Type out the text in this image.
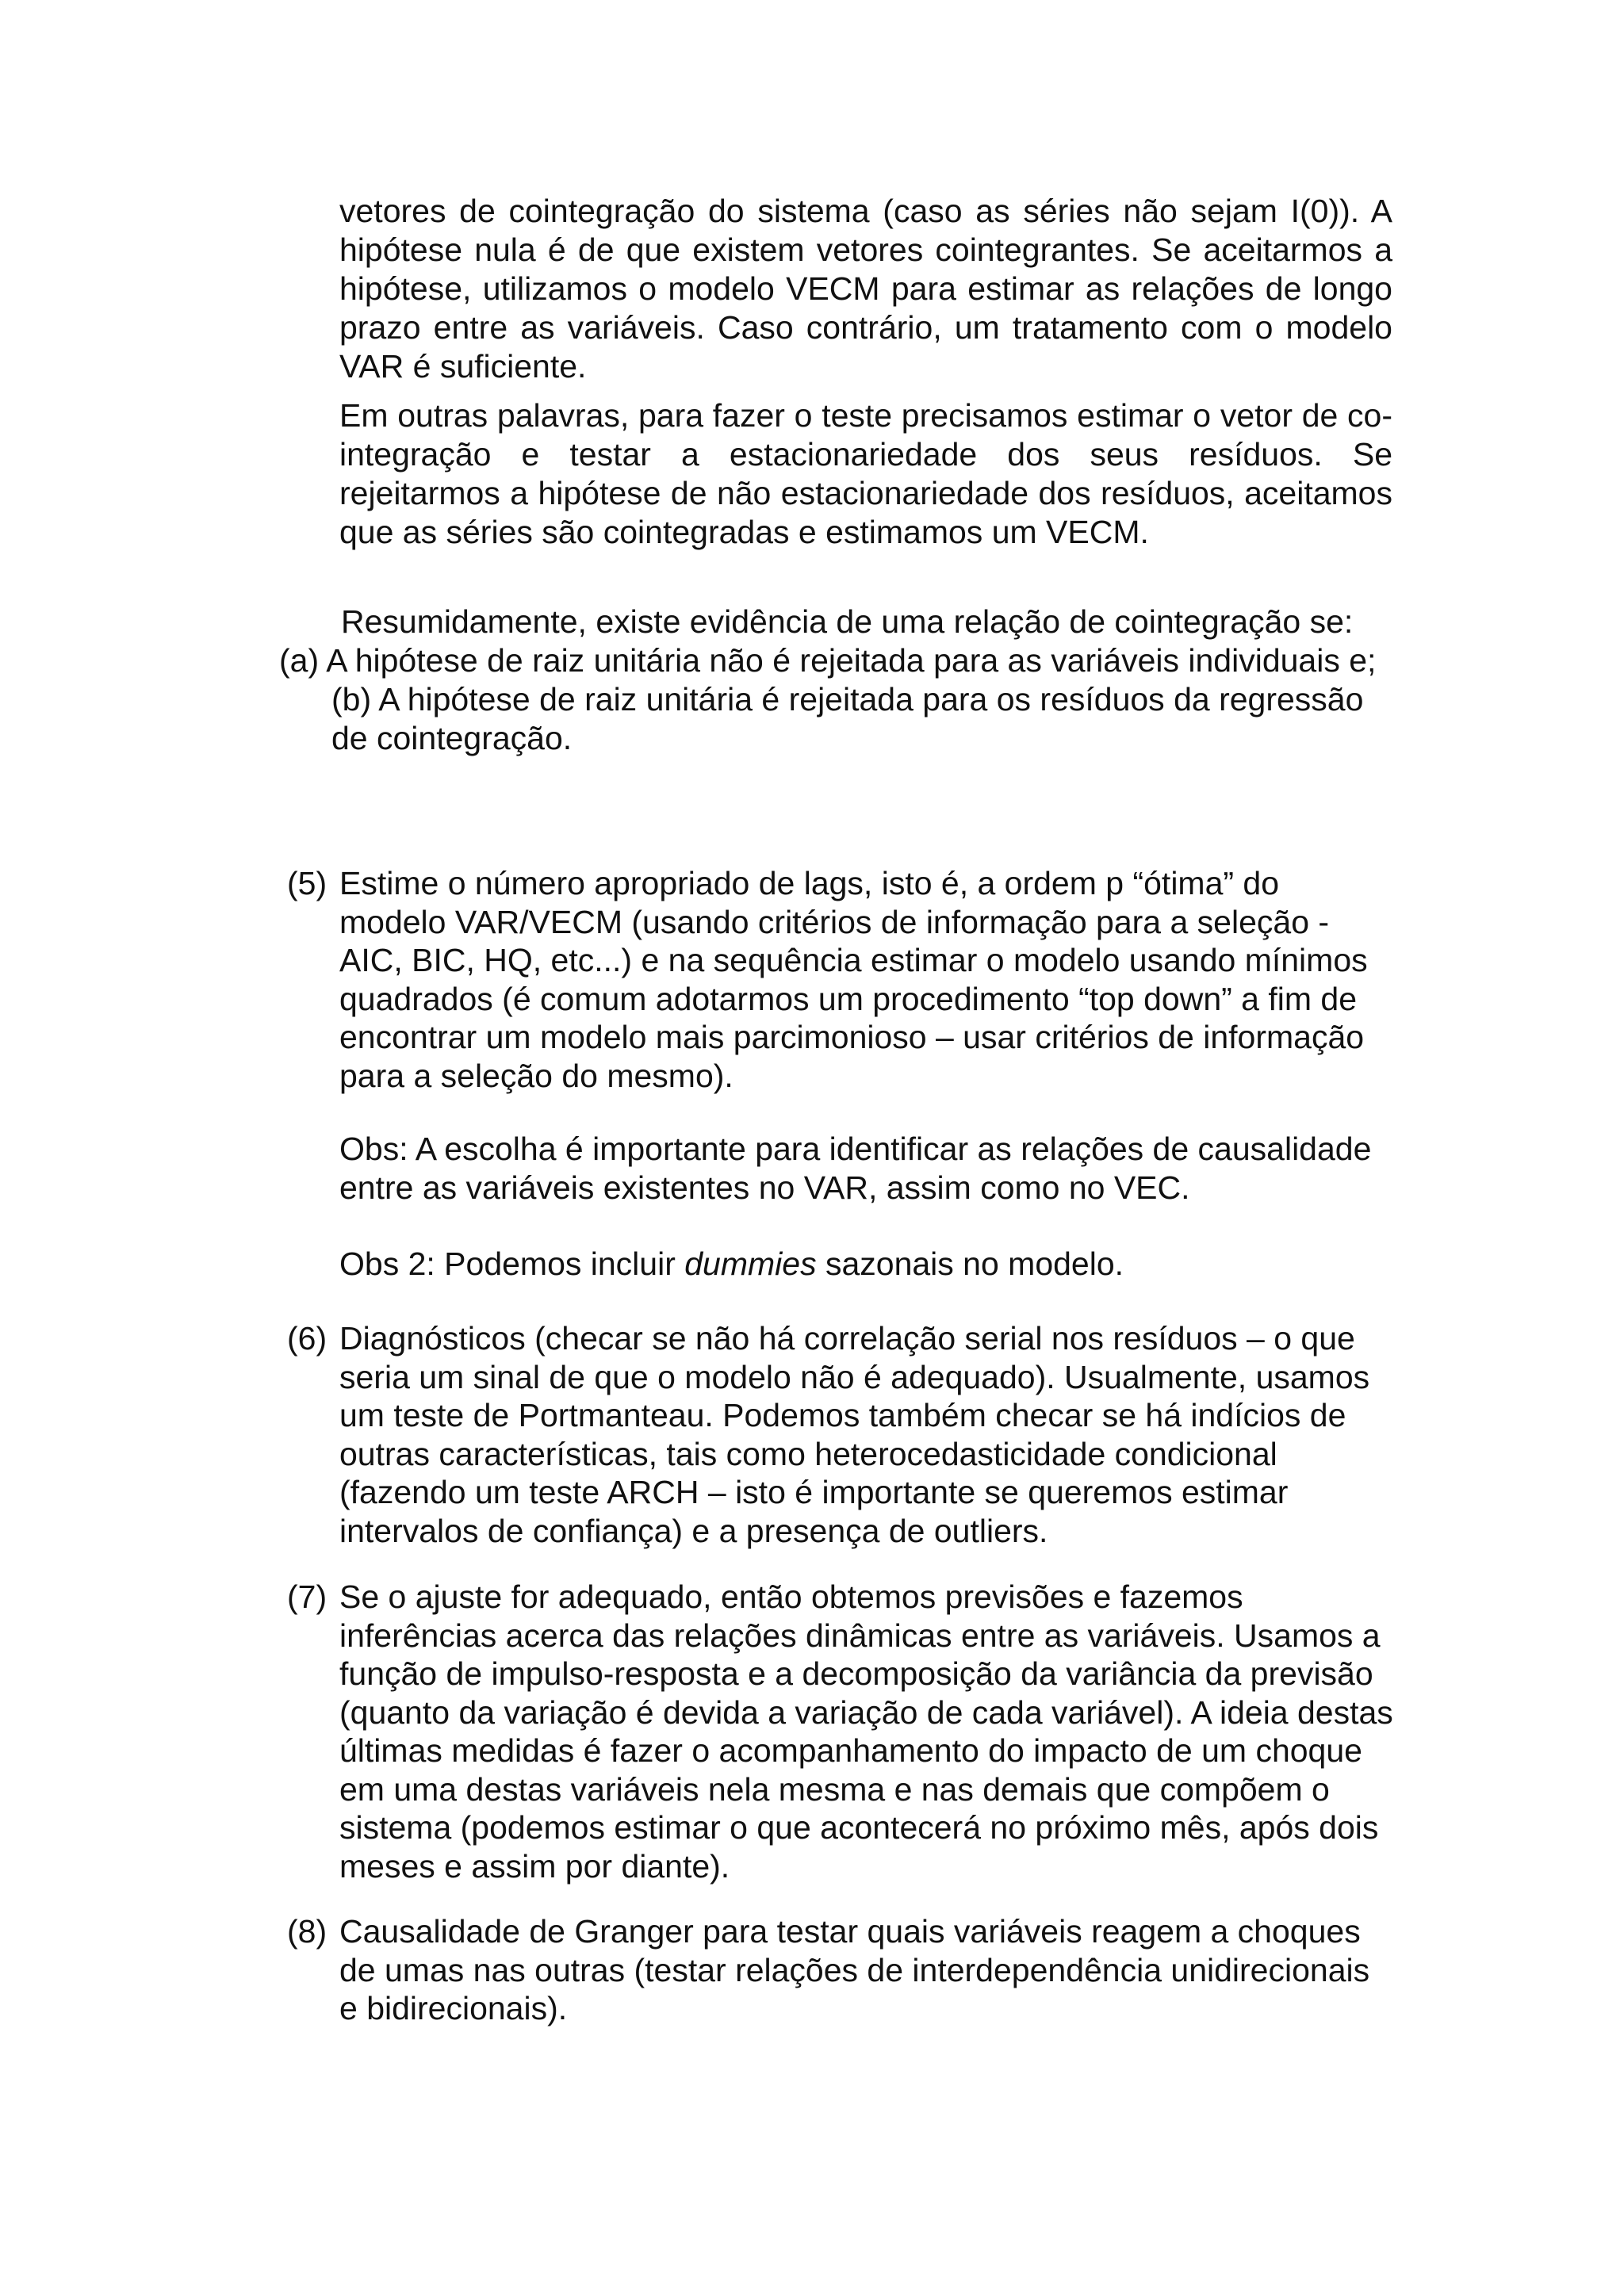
vetores de cointegração do sistema (caso as séries não sejam I(0)). A hipótese nula é de que existem vetores cointegrantes. Se aceitarmos a hipótese, utilizamos o modelo VECM para estimar as relações de longo prazo entre as variáveis. Caso contrário, um tratamento com o modelo VAR é suficiente.

Em outras palavras, para fazer o teste precisamos estimar o vetor de co-integração e testar a estacionariedade dos seus resíduos. Se rejeitarmos a hipótese de não estacionariedade dos resíduos, aceitamos que as séries são cointegradas e estimamos um VECM.

Resumidamente, existe evidência de uma relação de cointegração se:

(a) A hipótese de raiz unitária não é rejeitada para as variáveis individuais e;

(b) A hipótese de raiz unitária é rejeitada para os resíduos da regressão

de cointegração.

(5) Estime o número apropriado de lags, isto é, a ordem p “ótima” do modelo VAR/VECM (usando critérios de informação para a seleção - AIC, BIC, HQ, etc...) e na sequência estimar o modelo usando mínimos quadrados (é comum adotarmos um procedimento “top down” a fim de encontrar um modelo mais parcimonioso – usar critérios de informação para a seleção do mesmo).

Obs: A escolha é importante para identificar as relações de causalidade entre as variáveis existentes no VAR, assim como no VEC.

Obs 2: Podemos incluir dummies sazonais no modelo.

(6) Diagnósticos (checar se não há correlação serial nos resíduos – o que seria um sinal de que o modelo não é adequado). Usualmente, usamos um teste de Portmanteau. Podemos também checar se há indícios de outras características, tais como heterocedasticidade condicional (fazendo um teste ARCH – isto é importante se queremos estimar intervalos de confiança) e a presença de outliers.
(7) Se o ajuste for adequado, então obtemos previsões e fazemos inferências acerca das relações dinâmicas entre as variáveis. Usamos a função de impulso-resposta e a decomposição da variância da previsão (quanto da variação é devida a variação de cada variável). A ideia destas últimas medidas é fazer o acompanhamento do impacto de um choque em uma destas variáveis nela mesma e nas demais que compõem o sistema (podemos estimar o que acontecerá no próximo mês, após dois meses e assim por diante).
(8) Causalidade de Granger para testar quais variáveis reagem a choques de umas nas outras (testar relações de interdependência unidirecionais e bidirecionais).
